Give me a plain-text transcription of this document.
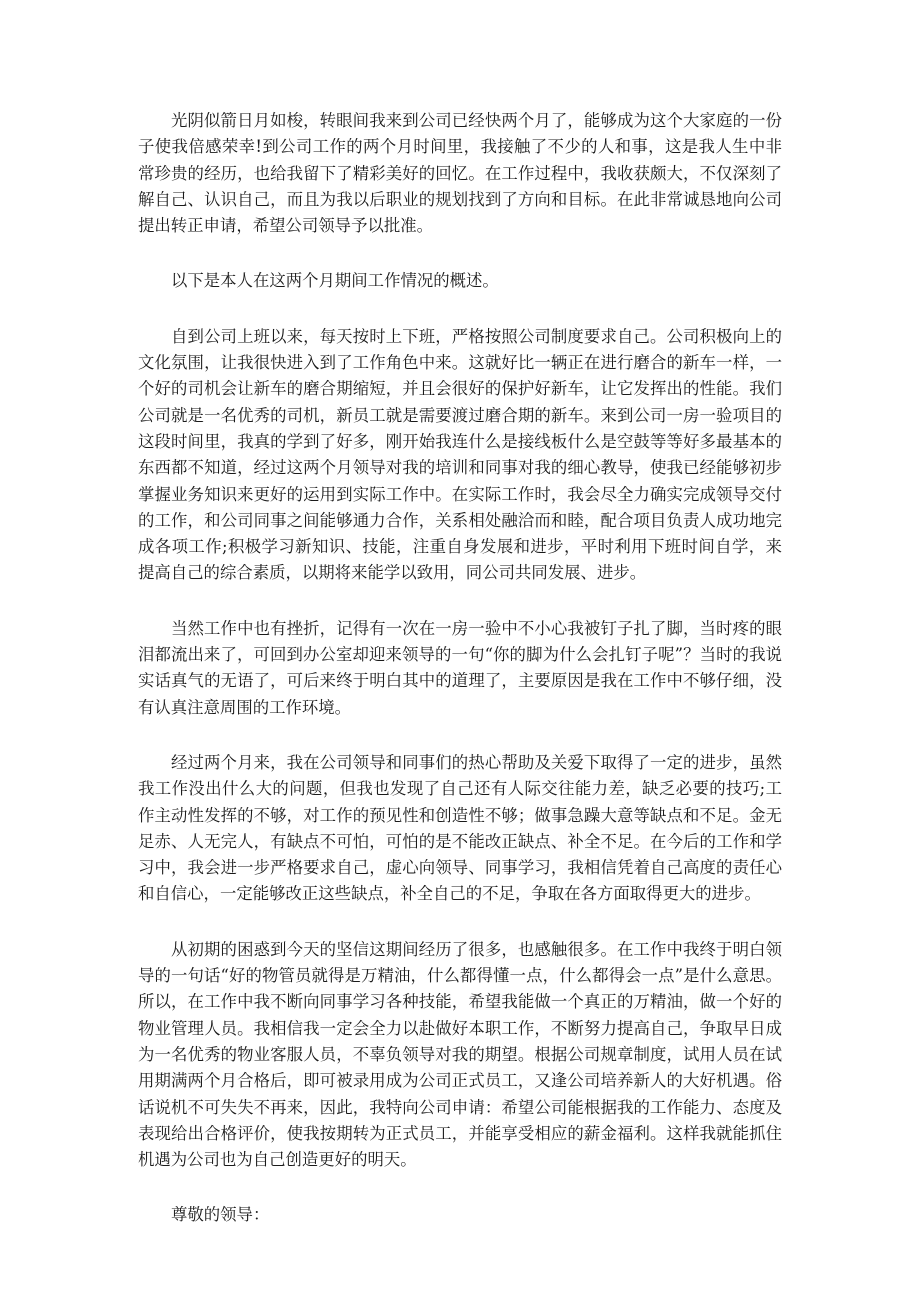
光阴似箭日月如梭，转眼间我来到公司已经快两个月了，能够成为这个大家庭的一份子使我倍感荣幸!到公司工作的两个月时间里，我接触了不少的人和事，这是我人生中非常珍贵的经历，也给我留下了精彩美好的回忆。在工作过程中，我收获颇大，不仅深刻了解自己、认识自己，而且为我以后职业的规划找到了方向和目标。在此非常诚恳地向公司提出转正申请，希望公司领导予以批准。

以下是本人在这两个月期间工作情况的概述。

自到公司上班以来，每天按时上下班，严格按照公司制度要求自己。公司积极向上的文化氛围，让我很快进入到了工作角色中来。这就好比一辆正在进行磨合的新车一样，一个好的司机会让新车的磨合期缩短，并且会很好的保护好新车，让它发挥出的性能。我们公司就是一名优秀的司机，新员工就是需要渡过磨合期的新车。来到公司一房一验项目的这段时间里，我真的学到了好多，刚开始我连什么是接线板什么是空鼓等等好多最基本的东西都不知道，经过这两个月领导对我的培训和同事对我的细心教导，使我已经能够初步掌握业务知识来更好的运用到实际工作中。在实际工作时，我会尽全力确实完成领导交付的工作，和公司同事之间能够通力合作，关系相处融洽而和睦，配合项目负责人成功地完成各项工作;积极学习新知识、技能，注重自身发展和进步，平时利用下班时间自学，来提高自己的综合素质，以期将来能学以致用，同公司共同发展、进步。

当然工作中也有挫折，记得有一次在一房一验中不小心我被钉子扎了脚，当时疼的眼泪都流出来了，可回到办公室却迎来领导的一句“你的脚为什么会扎钉子呢”？当时的我说实话真气的无语了，可后来终于明白其中的道理了，主要原因是我在工作中不够仔细，没有认真注意周围的工作环境。

经过两个月来，我在公司领导和同事们的热心帮助及关爱下取得了一定的进步，虽然我工作没出什么大的问题，但我也发现了自己还有人际交往能力差，缺乏必要的技巧;工作主动性发挥的不够，对工作的预见性和创造性不够；做事急躁大意等缺点和不足。金无足赤、人无完人，有缺点不可怕，可怕的是不能改正缺点、补全不足。在今后的工作和学习中，我会进一步严格要求自己，虚心向领导、同事学习，我相信凭着自己高度的责任心和自信心，一定能够改正这些缺点，补全自己的不足，争取在各方面取得更大的进步。

从初期的困惑到今天的坚信这期间经历了很多，也感触很多。在工作中我终于明白领导的一句话“好的物管员就得是万精油，什么都得懂一点，什么都得会一点”是什么意思。所以，在工作中我不断向同事学习各种技能，希望我能做一个真正的万精油，做一个好的物业管理人员。我相信我一定会全力以赴做好本职工作，不断努力提高自己，争取早日成为一名优秀的物业客服人员，不辜负领导对我的期望。根据公司规章制度，试用人员在试用期满两个月合格后，即可被录用成为公司正式员工，又逢公司培养新人的大好机遇。俗话说机不可失失不再来，因此，我特向公司申请：希望公司能根据我的工作能力、态度及表现给出合格评价，使我按期转为正式员工，并能享受相应的薪金福利。这样我就能抓住机遇为公司也为自己创造更好的明天。

尊敬的领导：
